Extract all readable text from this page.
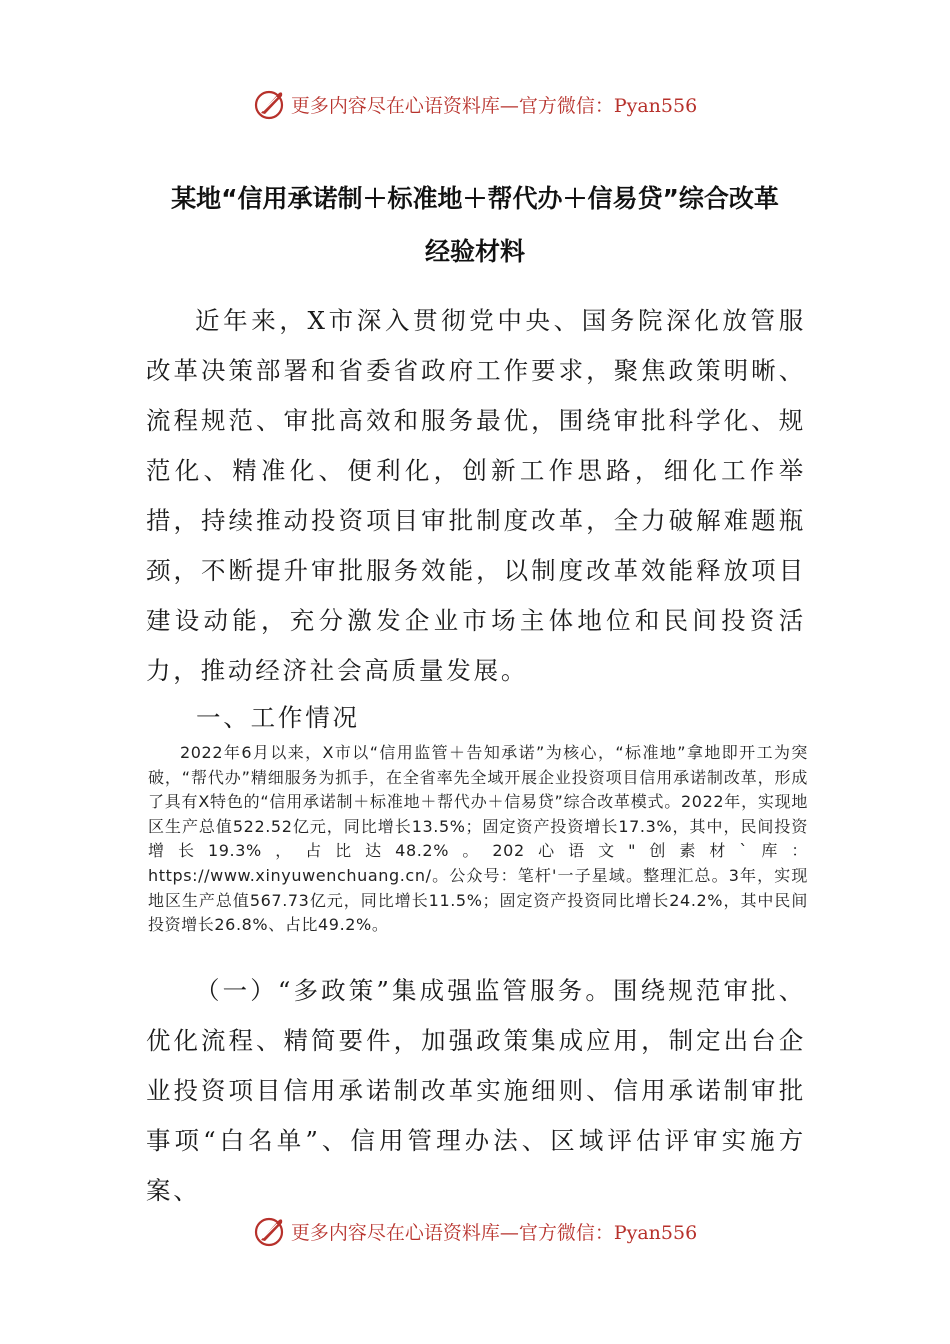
更多内容尽在心语资料库—官方微信：Pyan556
某地“信用承诺制＋标准地＋帮代办＋信易贷”综合改革
经验材料
近年来，X市深入贯彻党中央、国务院深化放管服改革决策部署和省委省政府工作要求，聚焦政策明晰、流程规范、审批高效和服务最优，围绕审批科学化、规范化、精准化、便利化，创新工作思路，细化工作举措，持续推动投资项目审批制度改革，全力破解难题瓶颈，不断提升审批服务效能，以制度改革效能释放项目建设动能，充分激发企业市场主体地位和民间投资活力，推动经济社会高质量发展。
一、工作情况
2022年6月以来，X市以“信用监管＋告知承诺”为核心，“标准地”拿地即开工为突破，“帮代办”精细服务为抓手，在全省率先全域开展企业投资项目信用承诺制改革，形成了具有X特色的“信用承诺制＋标准地＋帮代办＋信易贷”综合改革模式。2022年，实现地区生产总值522.52亿元，同比增长13.5%；固定资产投资增长17.3%，其中，民间投资增长19.3%，占比达48.2%。202心语文"创素材`库：https://www.xinyuwenchuang.cn/。公众号：笔杆'一子星域。整理汇总。3年，实现地区生产总值567.73亿元，同比增长11.5%；固定资产投资同比增长24.2%，其中民间投资增长26.8%、占比49.2%。
（一）“多政策”集成强监管服务。围绕规范审批、优化流程、精简要件，加强政策集成应用，制定出台企业投资项目信用承诺制改革实施细则、信用承诺制审批事项“白名单”、信用管理办法、区域评估评审实施方案、
更多内容尽在心语资料库—官方微信：Pyan556
